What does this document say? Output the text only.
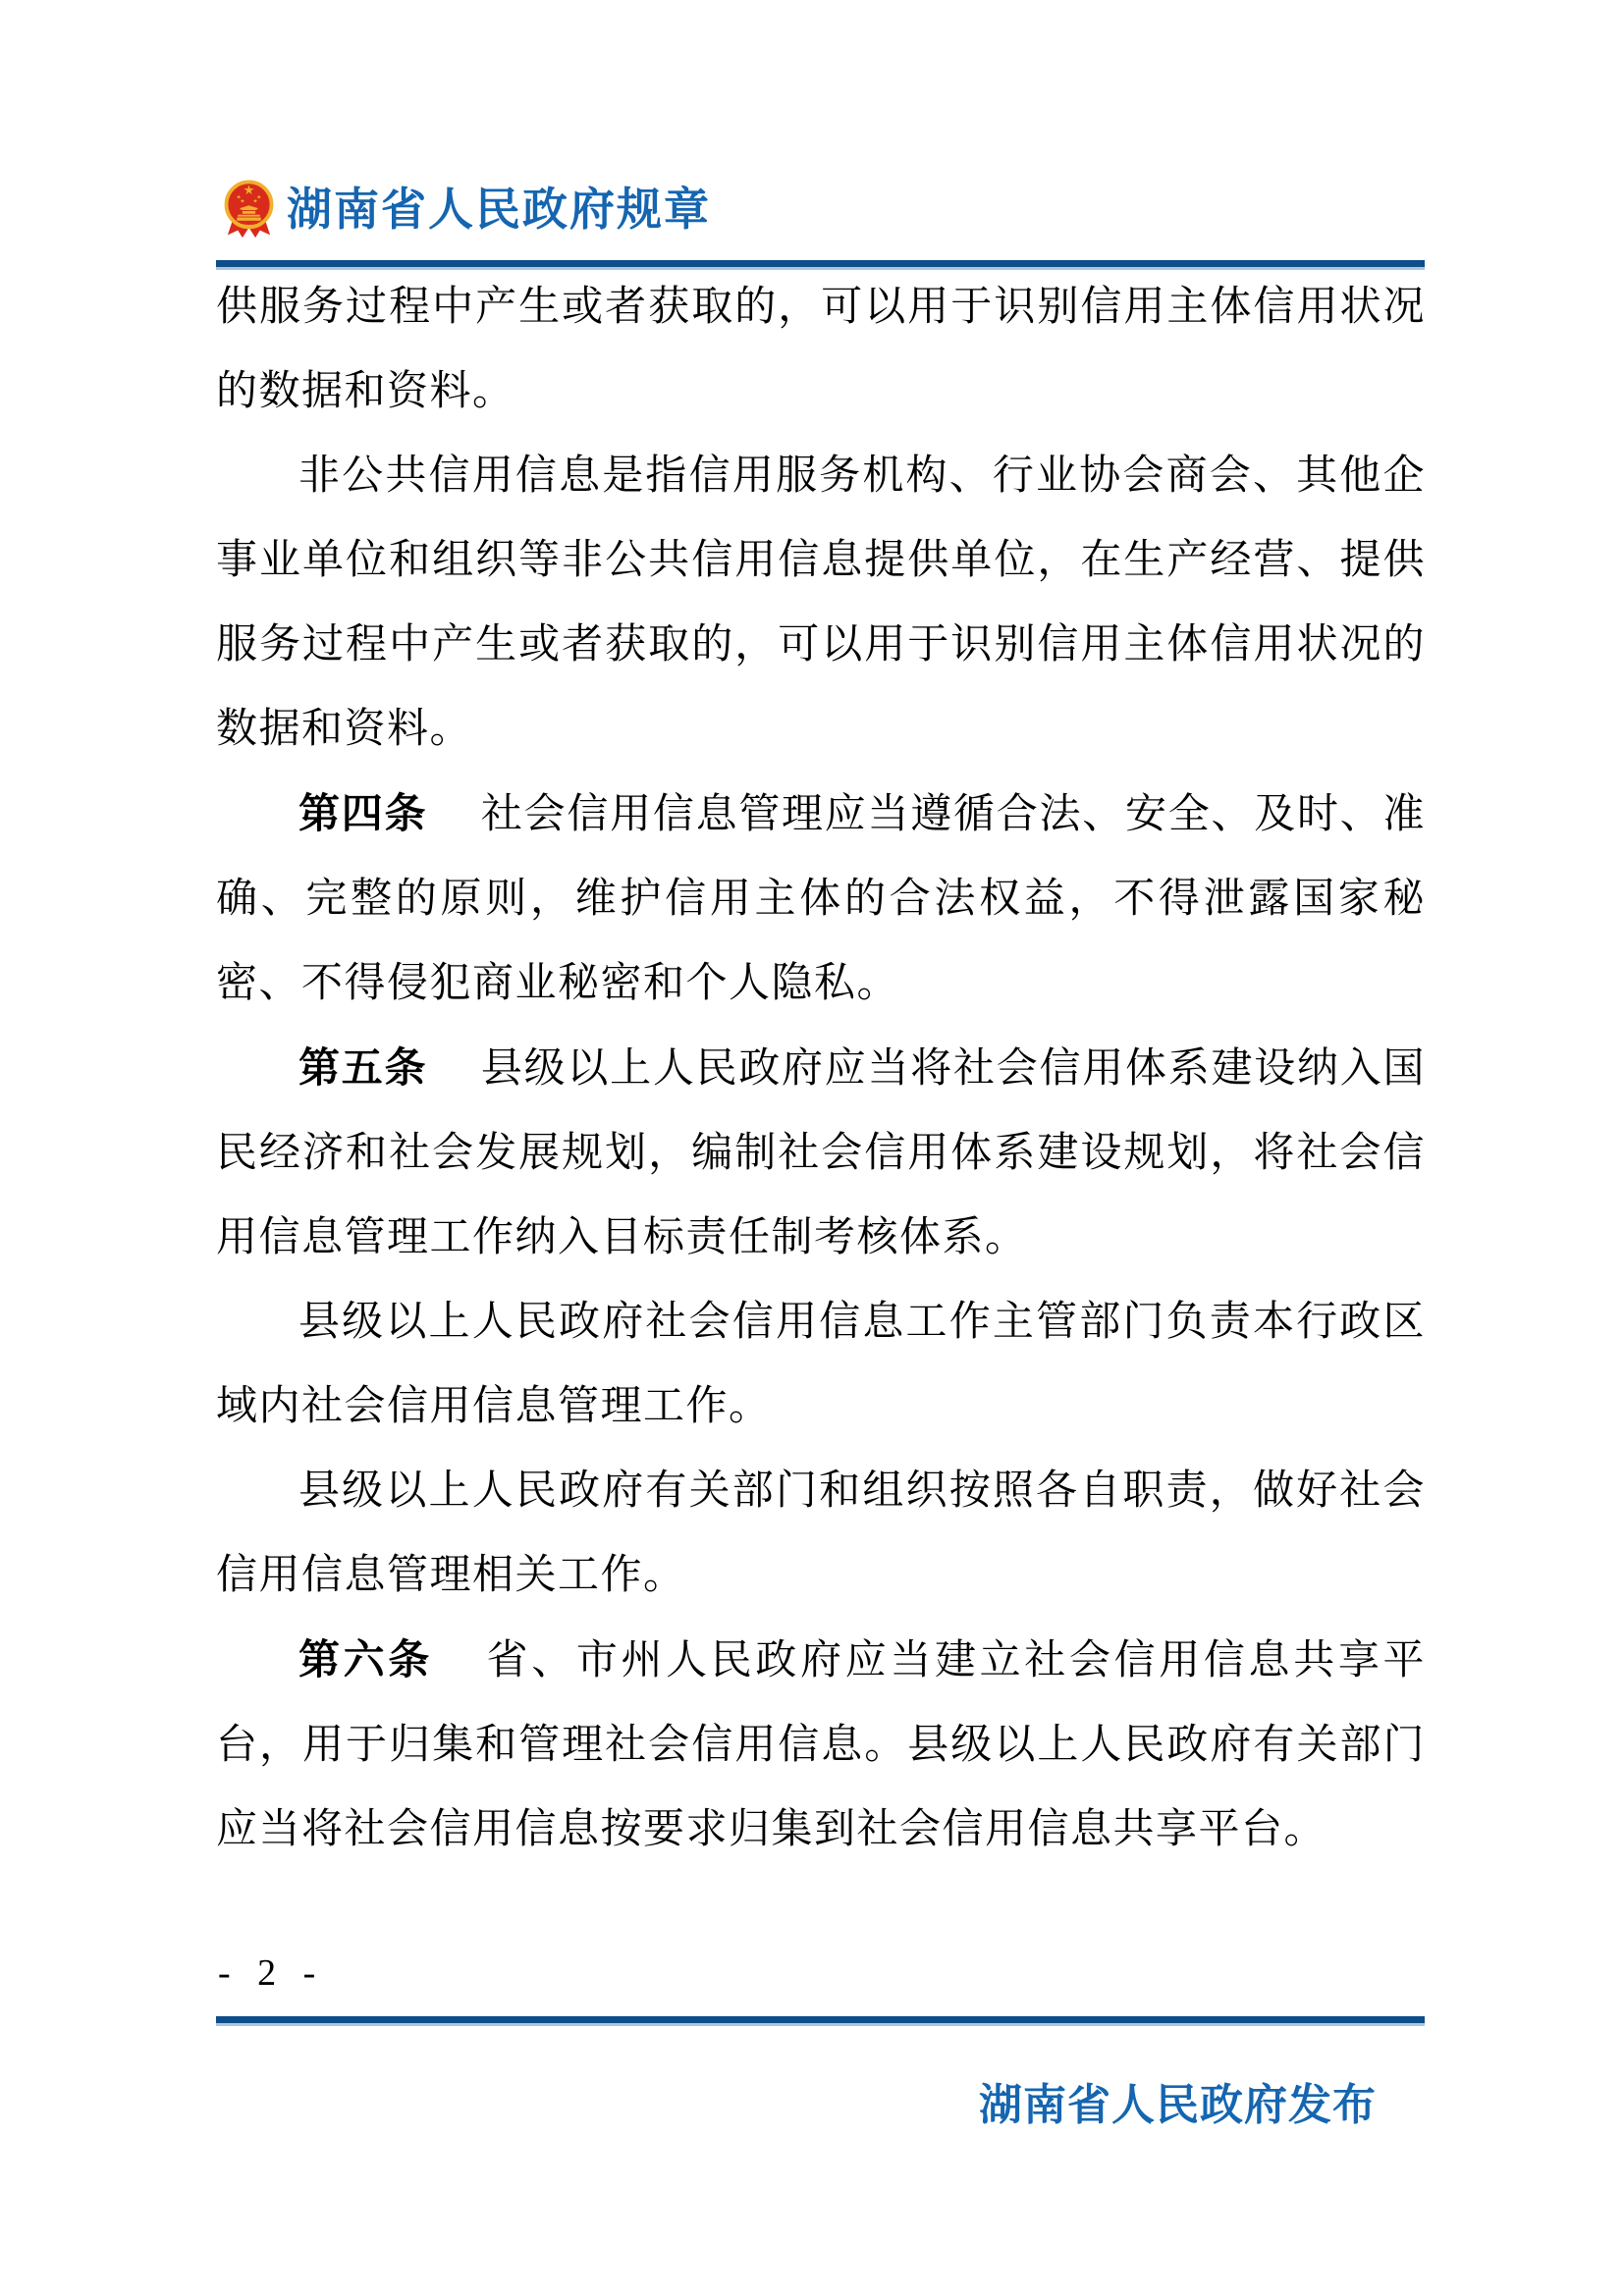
★
★	★
★ ★ 湖南省人民政府规章

供服务过程中产生或者获取的，可以用于识别信用主体信用状况的数据和资料。

非公共信用信息是指信用服务机构、行业协会商会、其他企事业单位和组织等非公共信用信息提供单位，在生产经营、提供服务过程中产生或者获取的，可以用于识别信用主体信用状况的数据和资料。

第四条 社会信用信息管理应当遵循合法、安全、及时、准确、完整的原则，维护信用主体的合法权益，不得泄露国家秘密、不得侵犯商业秘密和个人隐私。

第五条 县级以上人民政府应当将社会信用体系建设纳入国民经济和社会发展规划，编制社会信用体系建设规划，将社会信用信息管理工作纳入目标责任制考核体系。

县级以上人民政府社会信用信息工作主管部门负责本行政区域内社会信用信息管理工作。

县级以上人民政府有关部门和组织按照各自职责，做好社会信用信息管理相关工作。

第六条 省、市州人民政府应当建立社会信用信息共享平台，用于归集和管理社会信用信息。县级以上人民政府有关部门应当将社会信用信息按要求归集到社会信用信息共享平台。

- 2 -
湖南省人民政府发布
